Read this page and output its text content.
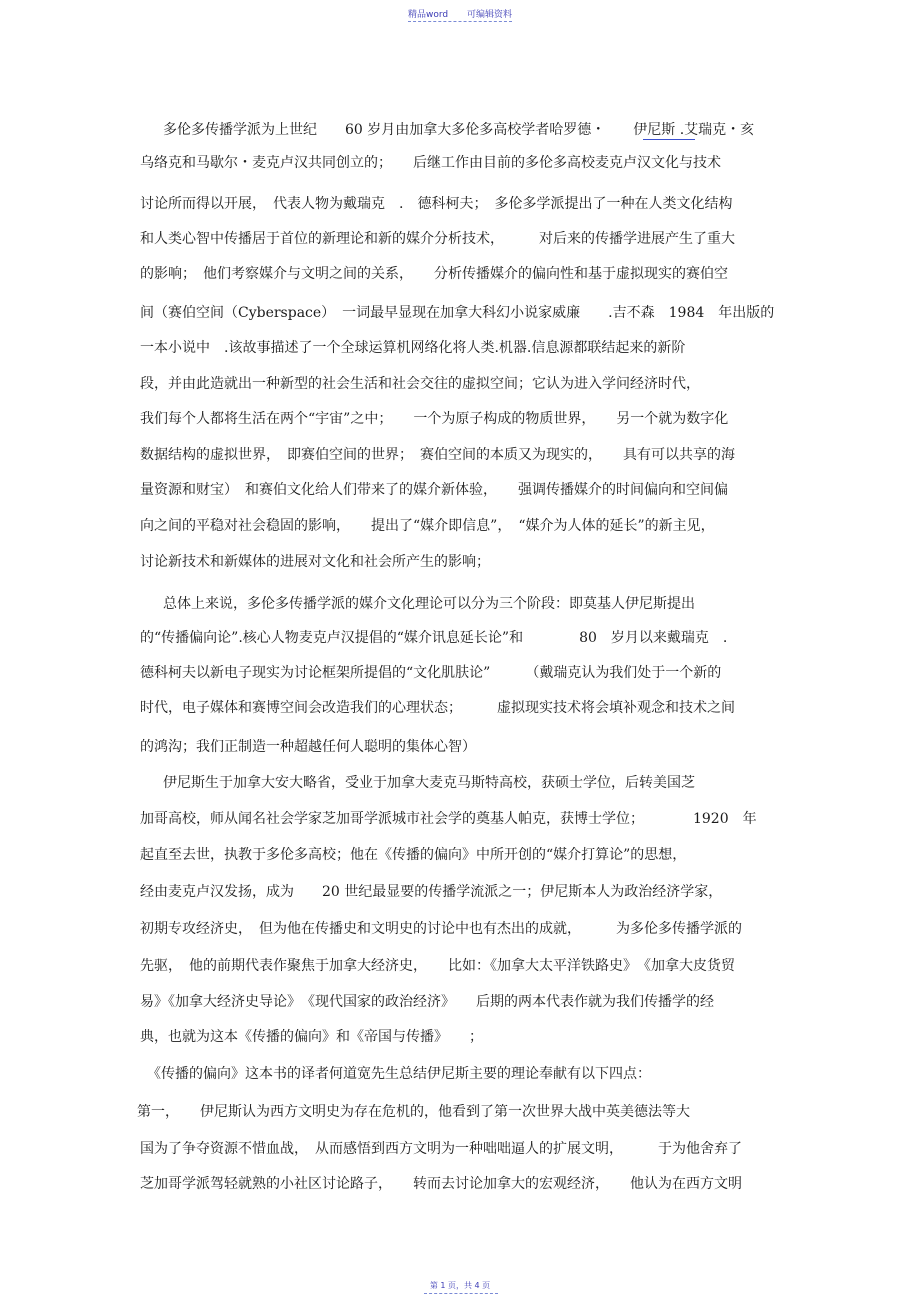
精品word 可编辑资料
多伦多传播学派为上世纪　　60 岁月由加拿大多伦多高校学者哈罗德・　　伊尼斯 .艾瑞克・亥
乌络克和马歇尔・麦克卢汉共同创立的；　　后继工作由目前的多伦多高校麦克卢汉文化与技术
讨论所而得以开展，　代表人物为戴瑞克　.　德科柯夫；　多伦多学派提出了一种在人类文化结构
和人类心智中传播居于首位的新理论和新的媒介分析技术，　　　对后来的传播学进展产生了重大
的影响；　他们考察媒介与文明之间的关系，　　分析传播媒介的偏向性和基于虚拟现实的赛伯空
间（赛伯空间（Cyberspace）　一词最早显现在加拿大科幻小说家威廉　　.吉不森　1984　年出版的
一本小说中　.该故事描述了一个全球运算机网络化将人类.机器.信息源都联结起来的新阶
段，并由此造就出一种新型的社会生活和社会交往的虚拟空间；它认为进入学问经济时代，
我们每个人都将生活在两个“宇宙”之中；　　一个为原子构成的物质世界，　　另一个就为数字化
数据结构的虚拟世界，　即赛伯空间的世界；　赛伯空间的本质又为现实的，　　具有可以共享的海
量资源和财宝）　和赛伯文化给人们带来了的媒介新体验，　　强调传播媒介的时间偏向和空间偏
向之间的平稳对社会稳固的影响，　　提出了“媒介即信息”，　“媒介为人体的延长”的新主见，
讨论新技术和新媒体的进展对文化和社会所产生的影响；
总体上来说，多伦多传播学派的媒介文化理论可以分为三个阶段：即莫基人伊尼斯提出
的“传播偏向论”.核心人物麦克卢汉提倡的“媒介讯息延长论”和　　　　80　岁月以来戴瑞克　.
德科柯夫以新电子现实为讨论框架所提倡的“文化肌肤论”　　　（戴瑞克认为我们处于一个新的
时代，电子媒体和赛博空间会改造我们的心理状态；　　　虚拟现实技术将会填补观念和技术之间
的鸿沟；我们正制造一种超越任何人聪明的集体心智）
伊尼斯生于加拿大安大略省，受业于加拿大麦克马斯特高校，获硕士学位，后转美国芝
加哥高校，师从闻名社会学家芝加哥学派城市社会学的奠基人帕克，获博士学位；　　　　1920　年
起直至去世，执教于多伦多高校；他在《传播的偏向》中所开创的“媒介打算论”的思想，
经由麦克卢汉发扬，成为　　20 世纪最显要的传播学流派之一；伊尼斯本人为政治经济学家，
初期专攻经济史，　但为他在传播史和文明史的讨论中也有杰出的成就，　　　为多伦多传播学派的
先驱，　他的前期代表作聚焦于加拿大经济史，　　比如：《加拿大太平洋铁路史》　《加拿大皮货贸
易》《加拿大经济史导论》　《现代国家的政治经济》　　后期的两本代表作就为我们传播学的经
典，也就为这本《传播的偏向》和《帝国与传播》　　；
《传播的偏向》这本书的译者何道宽先生总结伊尼斯主要的理论奉献有以下四点：
第一，　　伊尼斯认为西方文明史为存在危机的，他看到了第一次世界大战中英美德法等大
国为了争夺资源不惜血战，　从而感悟到西方文明为一种咄咄逼人的扩展文明，　　　于为他舍弃了
芝加哥学派驾轻就熟的小社区讨论路子，　　转而去讨论加拿大的宏观经济，　　他认为在西方文明
第 1 页，共 4 页
